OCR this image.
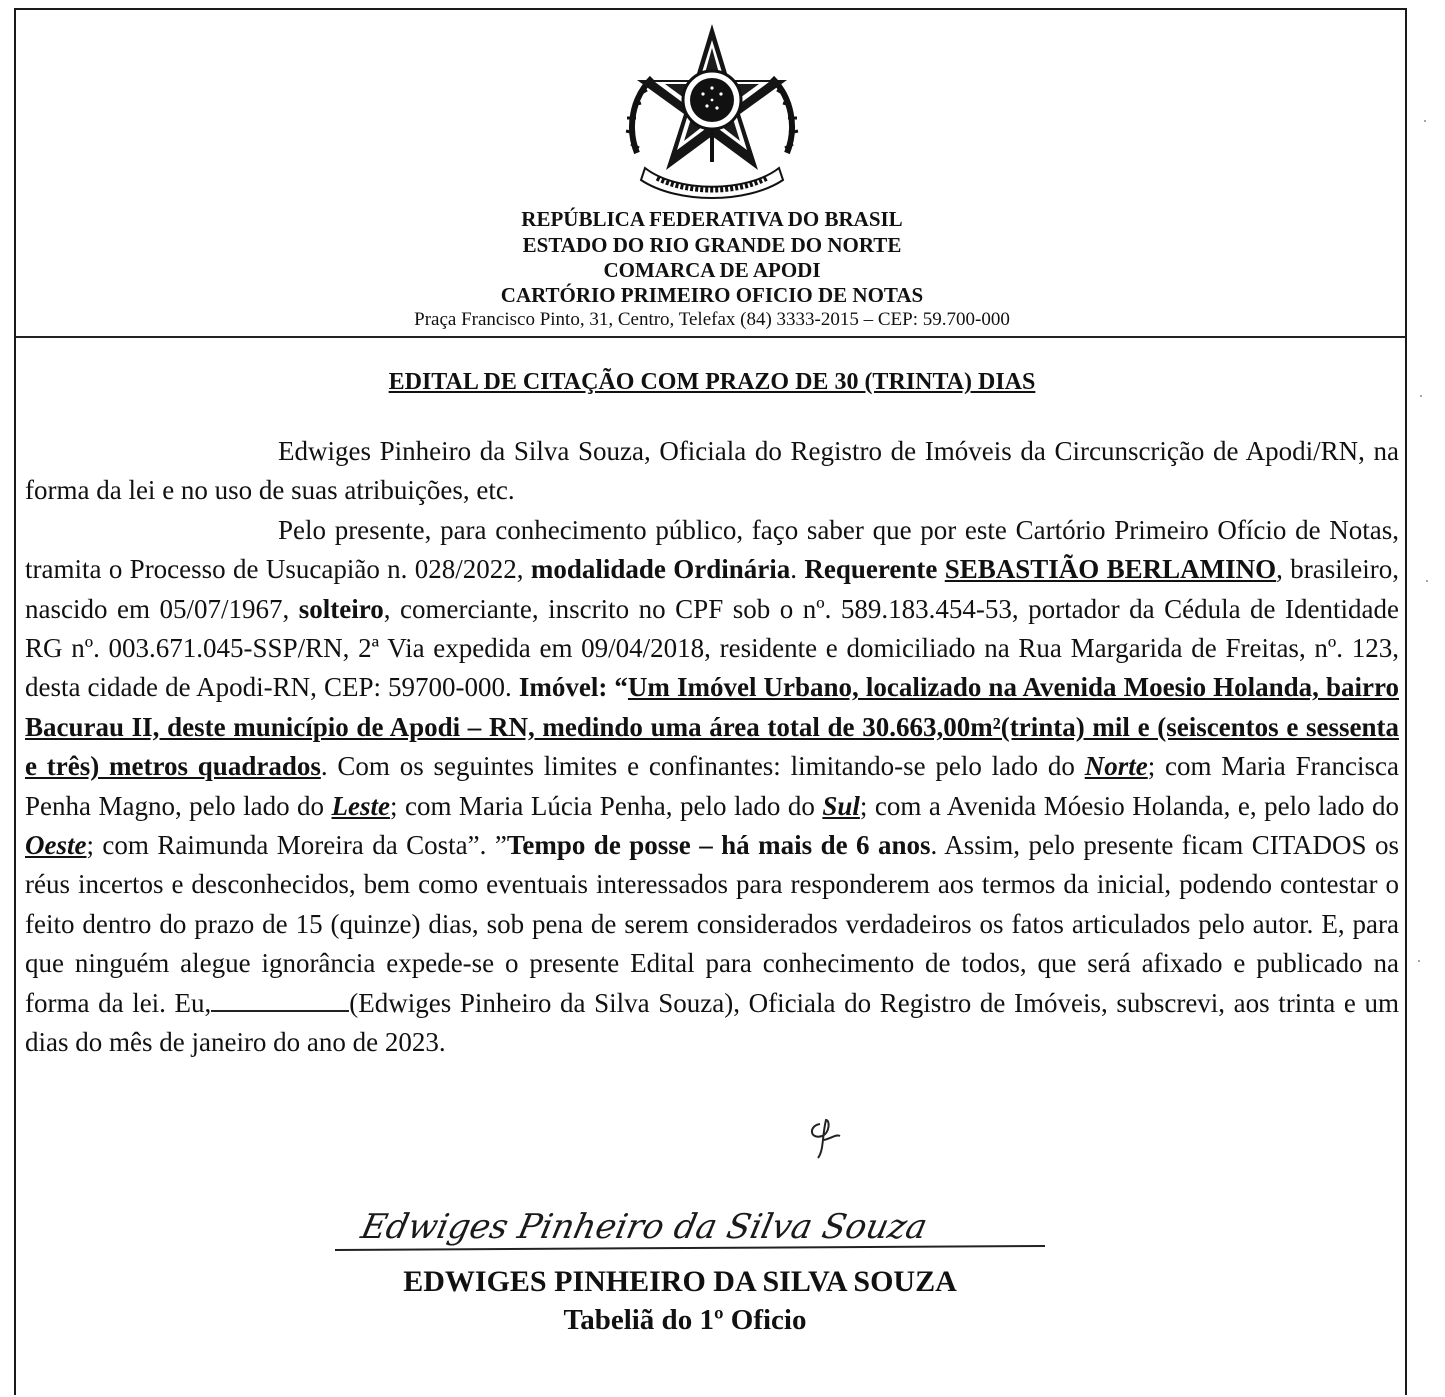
REPÚBLICA FEDERATIVA DO BRASIL
ESTADO DO RIO GRANDE DO NORTE
COMARCA DE APODI
CARTÓRIO PRIMEIRO OFICIO DE NOTAS
Praça Francisco Pinto, 31, Centro, Telefax (84) 3333-2015 – CEP: 59.700-000
EDITAL DE CITAÇÃO COM PRAZO DE 30 (TRINTA) DIAS

Edwiges Pinheiro da Silva Souza, Oficiala do Registro de Imóveis da Circunscrição de Apodi/RN, na forma da lei e no uso de suas atribuições, etc.

Pelo presente, para conhecimento público, faço saber que por este Cartório Primeiro Ofício de Notas, tramita o Processo de Usucapião n. 028/2022, modalidade Ordinária. Requerente SEBASTIÃO BERLAMINO, brasileiro, nascido em 05/07/1967, solteiro, comerciante, inscrito no CPF sob o nº. 589.183.454-53, portador da Cédula de Identidade RG nº. 003.671.045-SSP/RN, 2ª Via expedida em 09/04/2018, residente e domiciliado na Rua Margarida de Freitas, nº. 123, desta cidade de Apodi-RN, CEP: 59700-000. Imóvel: “Um Imóvel Urbano, localizado na Avenida Moesio Holanda, bairro Bacurau II, deste município de Apodi – RN, medindo uma área total de 30.663,00m²(trinta) mil e (seiscentos e sessenta e três) metros quadrados. Com os seguintes limites e confinantes: limitando-se pelo lado do Norte; com Maria Francisca Penha Magno, pelo lado do Leste; com Maria Lúcia Penha, pelo lado do Sul; com a Avenida Móesio Holanda, e, pelo lado do Oeste; com Raimunda Moreira da Costa”. ”Tempo de posse – há mais de 6 anos. Assim, pelo presente ficam CITADOS os réus incertos e desconhecidos, bem como eventuais interessados para responderem aos termos da inicial, podendo contestar o feito dentro do prazo de 15 (quinze) dias, sob pena de serem considerados verdadeiros os fatos articulados pelo autor. E, para que ninguém alegue ignorância expede-se o presente Edital para conhecimento de todos, que será afixado e publicado na forma da lei. Eu,	(Edwiges Pinheiro da Silva Souza), Oficiala do Registro de Imóveis, subscrevi, aos trinta e um dias do mês de janeiro do ano de 2023.

Edwiges Pinheiro da Silva Souza
EDWIGES PINHEIRO DA SILVA SOUZA
Tabeliã do 1º Oficio
